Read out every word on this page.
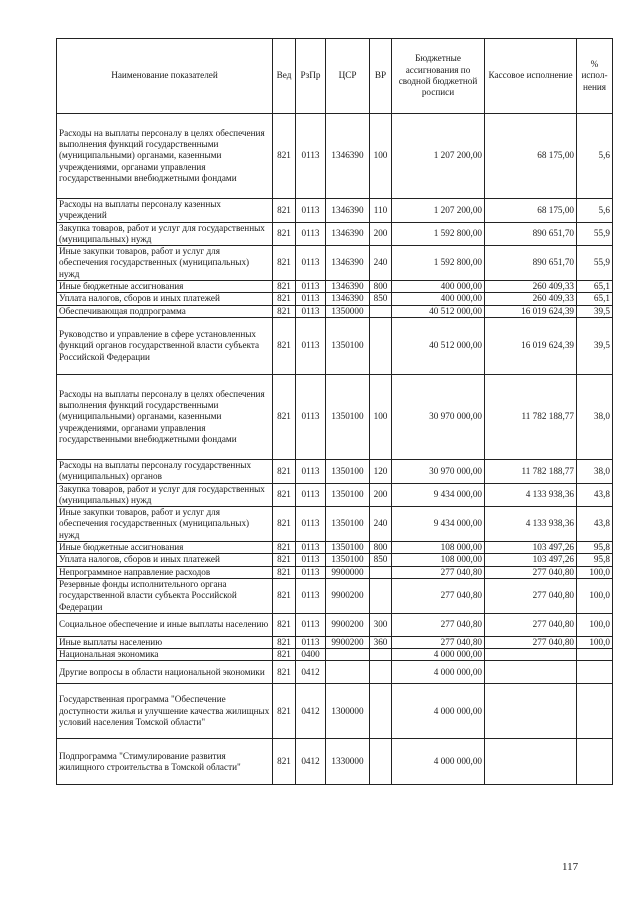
Наименование показателей	Вед	РзПр	ЦСР	ВР	Бюджетные ассигнования по сводной бюджетной росписи	Кассовое исполнение	% испол-нения
Расходы на выплаты персоналу в целях обеспечения выполнения функций государственными (муниципальными) органами, казенными учреждениями, органами управления государственными внебюджетными фондами	821	0113	1346390	100	1 207 200,00	68 175,00	5,6
Расходы на выплаты персоналу казенных учреждений	821	0113	1346390	110	1 207 200,00	68 175,00	5,6
Закупка товаров, работ и услуг для государственных (муниципальных) нужд	821	0113	1346390	200	1 592 800,00	890 651,70	55,9
Иные закупки товаров, работ и услуг для обеспечения государственных (муниципальных) нужд	821	0113	1346390	240	1 592 800,00	890 651,70	55,9
Иные бюджетные ассигнования	821	0113	1346390	800	400 000,00	260 409,33	65,1
Уплата налогов, сборов и иных платежей	821	0113	1346390	850	400 000,00	260 409,33	65,1
Обеспечивающая подпрограмма	821	0113	1350000		40 512 000,00	16 019 624,39	39,5
Руководство и управление в сфере установленных функций органов государственной власти субъекта Российской Федерации	821	0113	1350100		40 512 000,00	16 019 624,39	39,5
Расходы на выплаты персоналу в целях обеспечения выполнения функций государственными (муниципальными) органами, казенными учреждениями, органами управления государственными внебюджетными фондами	821	0113	1350100	100	30 970 000,00	11 782 188,77	38,0
Расходы на выплаты персоналу государственных (муниципальных) органов	821	0113	1350100	120	30 970 000,00	11 782 188,77	38,0
Закупка товаров, работ и услуг для государственных (муниципальных) нужд	821	0113	1350100	200	9 434 000,00	4 133 938,36	43,8
Иные закупки товаров, работ и услуг для обеспечения государственных (муниципальных) нужд	821	0113	1350100	240	9 434 000,00	4 133 938,36	43,8
Иные бюджетные ассигнования	821	0113	1350100	800	108 000,00	103 497,26	95,8
Уплата налогов, сборов и иных платежей	821	0113	1350100	850	108 000,00	103 497,26	95,8
Непрограммное направление расходов	821	0113	9900000		277 040,80	277 040,80	100,0
Резервные фонды исполнительного органа государственной власти субъекта Российской Федерации	821	0113	9900200		277 040,80	277 040,80	100,0
Социальное обеспечение и иные выплаты населению	821	0113	9900200	300	277 040,80	277 040,80	100,0
Иные выплаты населению	821	0113	9900200	360	277 040,80	277 040,80	100,0
Национальная экономика	821	0400			4 000 000,00		
Другие вопросы в области национальной экономики	821	0412			4 000 000,00		
Государственная программа "Обеспечение доступности жилья и улучшение качества жилищных условий населения Томской области"	821	0412	1300000		4 000 000,00		
Подпрограмма "Стимулирование развития жилищного строительства в Томской области"	821	0412	1330000		4 000 000,00		
117
